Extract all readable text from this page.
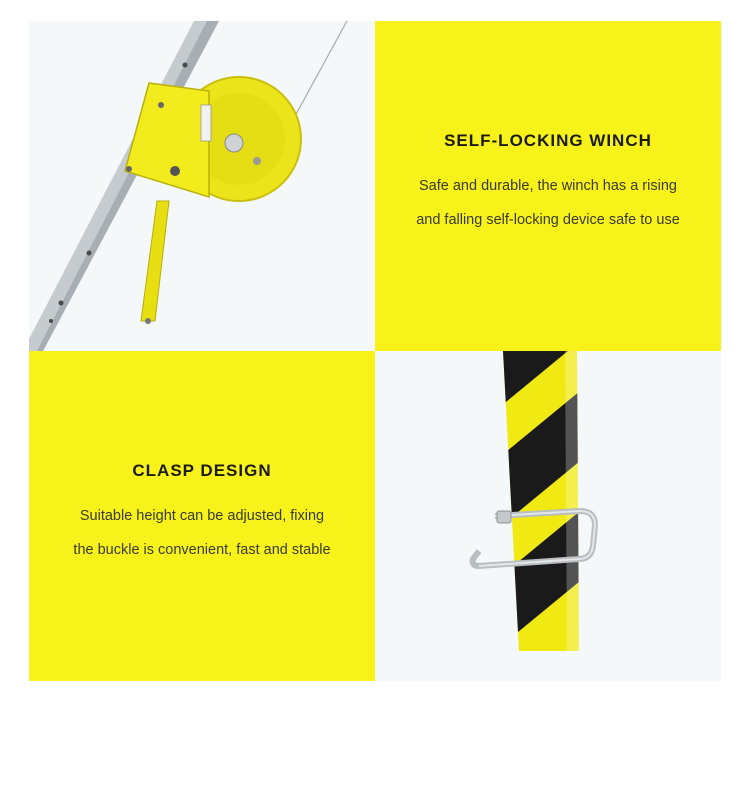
SELF-LOCKING WINCH
Safe and durable, the winch has a rising
and falling self-locking device safe to use
CLASP DESIGN
Suitable height can be adjusted, fixing
the buckle is convenient, fast and stable
